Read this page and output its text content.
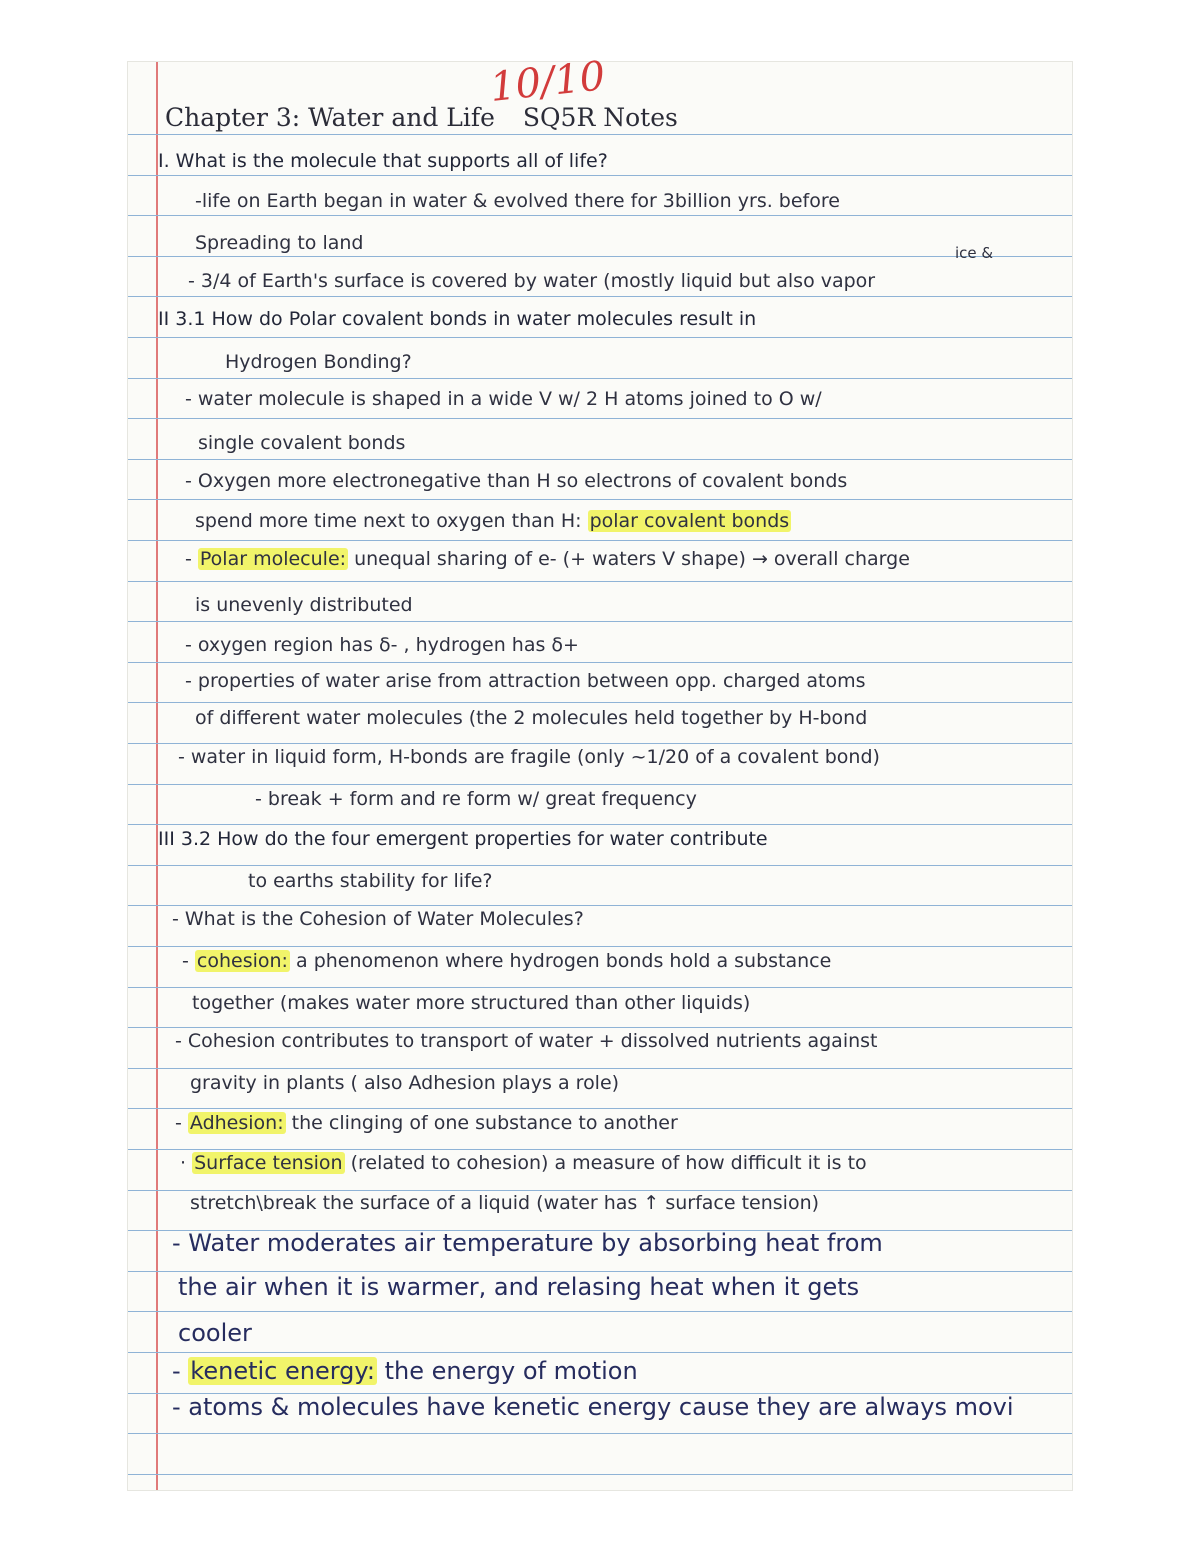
10/10
Chapter 3: Water and Life SQ5R Notes
I. What is the molecule that supports all of life?
-life on Earth began in water & evolved there for 3billion yrs. before
Spreading to land	ice &
- 3/4 of Earth's surface is covered by water (mostly liquid but also vapor
II 3.1 How do Polar covalent bonds in water molecules result in
Hydrogen Bonding?
- water molecule is shaped in a wide V w/ 2 H atoms joined to O w/
single covalent bonds
- Oxygen more electronegative than H so electrons of covalent bonds
spend more time next to oxygen than H: polar covalent bonds
- Polar molecule: unequal sharing of e- (+ waters V shape) → overall charge
is unevenly distributed
- oxygen region has δ- , hydrogen has δ+
- properties of water arise from attraction between opp. charged atoms
of different water molecules (the 2 molecules held together by H-bond
- water in liquid form, H-bonds are fragile (only ~1/20 of a covalent bond)
- break + form and re form w/ great frequency
III 3.2 How do the four emergent properties for water contribute
to earths stability for life?
- What is the Cohesion of Water Molecules?
- cohesion: a phenomenon where hydrogen bonds hold a substance
together (makes water more structured than other liquids)
- Cohesion contributes to transport of water + dissolved nutrients against
gravity in plants ( also Adhesion plays a role)
- Adhesion: the clinging of one substance to another
· Surface tension (related to cohesion) a measure of how difficult it is to
stretch\break the surface of a liquid (water has ↑ surface tension)
- Water moderates air temperature by absorbing heat from
the air when it is warmer, and relasing heat when it gets
cooler
- kenetic energy: the energy of motion
- atoms & molecules have kenetic energy cause they are always movi
